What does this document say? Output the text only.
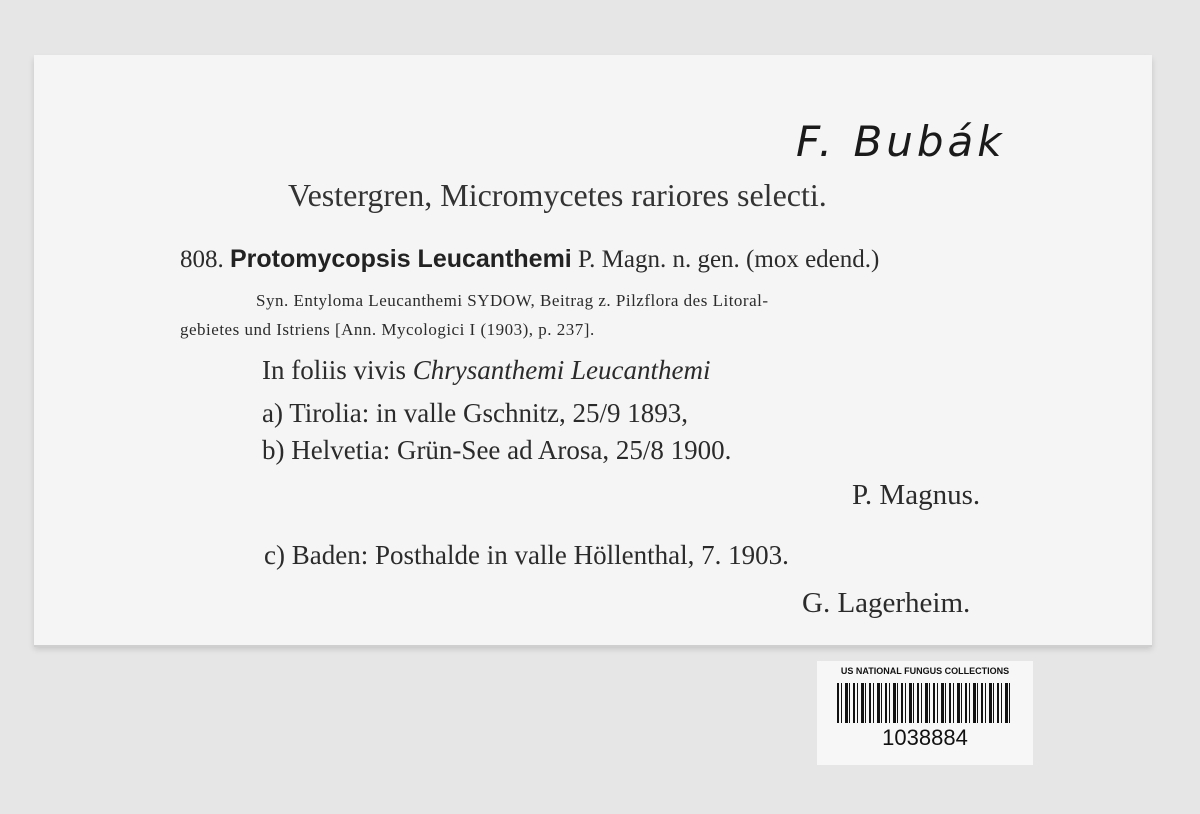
F. Bubák
Vestergren, Micromycetes rariores selecti.
808. Protomycopsis Leucanthemi P. Magn. n. gen. (mox edend.)
Syn. Entyloma Leucanthemi SYDOW, Beitrag z. Pilzflora des Litoral-
gebietes und Istriens [Ann. Mycologici I (1903), p. 237].
In foliis vivis Chrysanthemi Leucanthemi
a) Tirolia: in valle Gschnitz, 25/9 1893,
b) Helvetia: Grün-See ad Arosa, 25/8 1900.
P. Magnus.
c) Baden: Posthalde in valle Höllenthal, 7. 1903.
G. Lagerheim.
US NATIONAL FUNGUS COLLECTIONS
1038884
